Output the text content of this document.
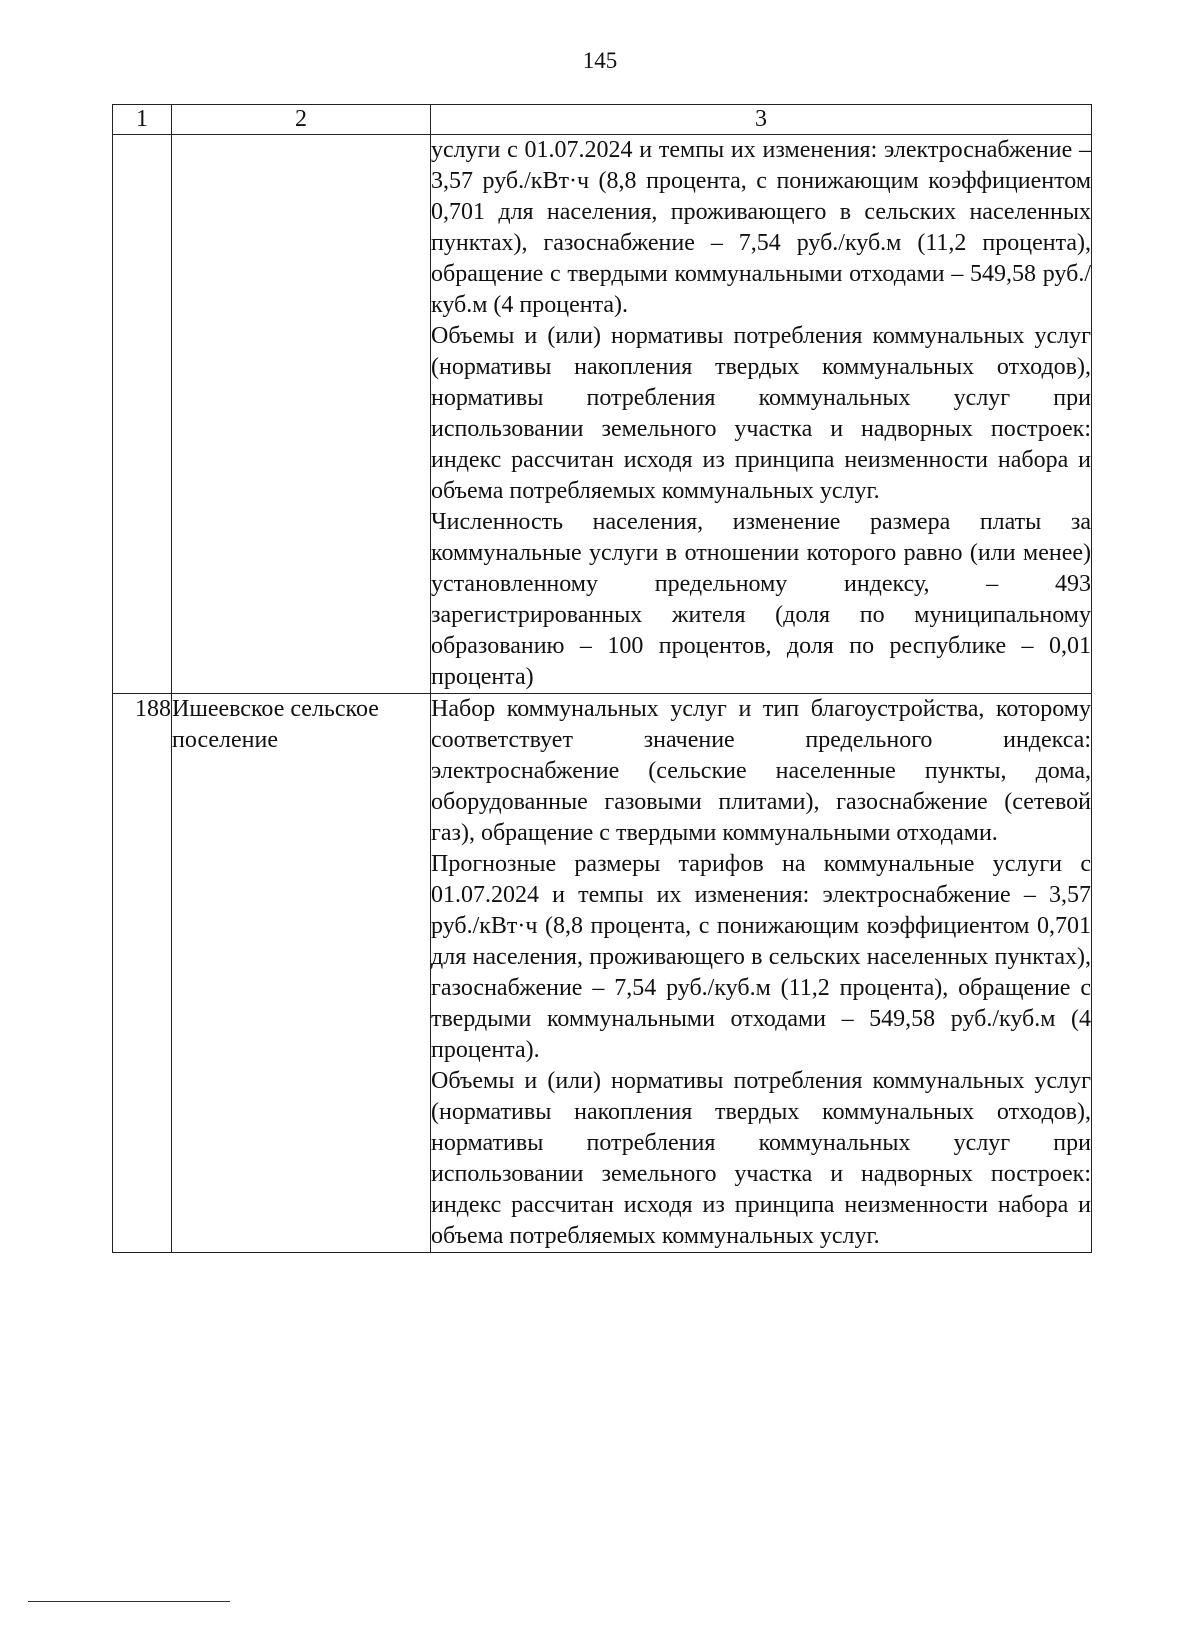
145
1	2	3

		услуги с 01.07.2024 и темпы их изменения: электроснабжение – 3,57 руб./кВт·ч (8,8 процента, с понижающим коэффициентом 0,701 для населения, проживающего в сельских населенных пунктах), газоснабжение – 7,54 руб./куб.м (11,2 процента), обращение с твердыми коммунальными отходами – 549,58 руб./куб.м (4 процента).

Объемы и (или) нормативы потребления коммунальных услуг (нормативы накопления твердых коммунальных отходов), нормативы потребления коммунальных услуг при использовании земельного участка и надворных построек: индекс рассчитан исходя из принципа неизменности набора и объема потребляемых коммунальных услуг.

Численность населения, изменение размера платы за коммунальные услуги в отношении которого равно (или менее) установленному предельному индексу, – 493 зарегистрированных жителя (доля по муниципальному образованию – 100 процентов, доля по республике – 0,01 процента)

188	Ишеевское сельское поселение	Набор коммунальных услуг и тип благоустройства, которому соответствует значение предельного индекса: электроснабжение (сельские населенные пункты, дома, оборудованные газовыми плитами), газоснабжение (сетевой газ), обращение с твердыми коммунальными отходами.

Прогнозные размеры тарифов на коммунальные услуги с 01.07.2024 и темпы их изменения: электроснабжение – 3,57 руб./кВт·ч (8,8 процента, с понижающим коэффициентом 0,701 для населения, проживающего в сельских населенных пунктах), газоснабжение – 7,54 руб./куб.м (11,2 процента), обращение с твердыми коммунальными отходами – 549,58 руб./куб.м (4 процента).

Объемы и (или) нормативы потребления коммунальных услуг (нормативы накопления твердых коммунальных отходов), нормативы потребления коммунальных услуг при использовании земельного участка и надворных построек: индекс рассчитан исходя из принципа неизменности набора и объема потребляемых коммунальных услуг.
